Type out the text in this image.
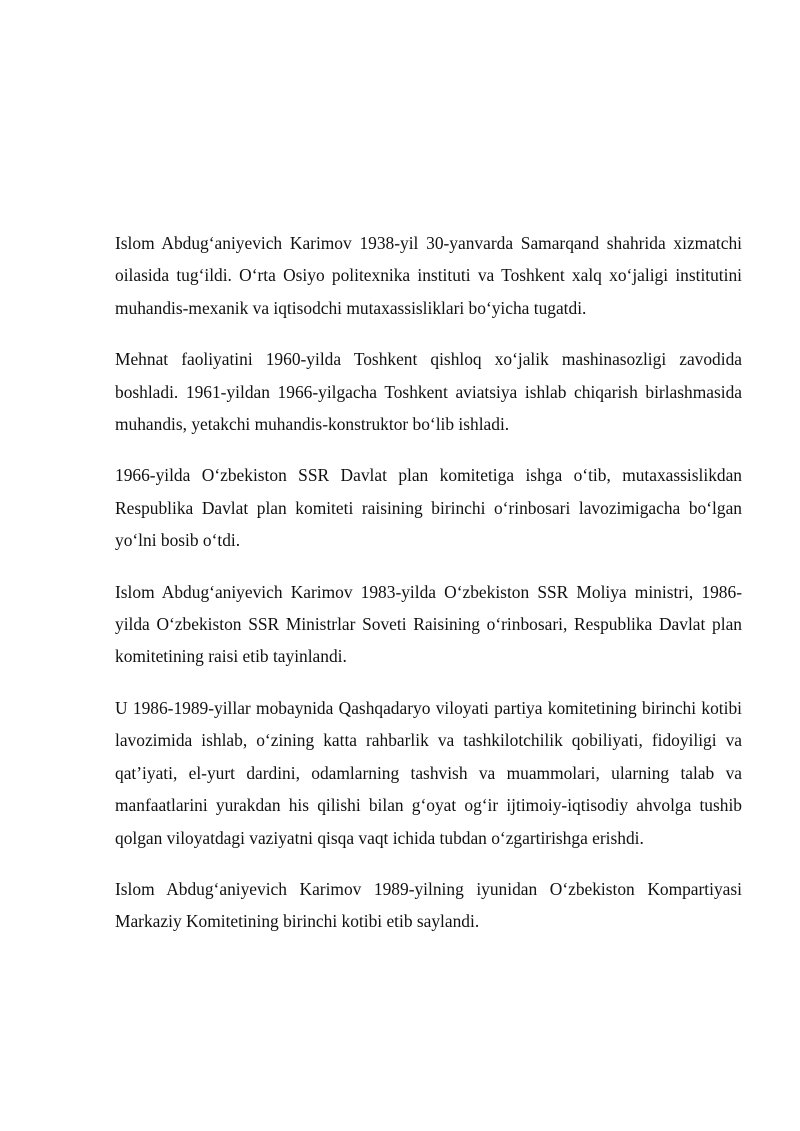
Islom Abdug‘aniyevich Karimov 1938-yil 30-yanvarda Samarqand shahrida xizmatchi oilasida tug‘ildi. O‘rta Osiyo politexnika instituti va Toshkent xalq xo‘jaligi institutini muhandis-mexanik va iqtisodchi mutaxassisliklari bo‘yicha tugatdi.

Mehnat faoliyatini 1960-yilda Toshkent qishloq xo‘jalik mashinasozligi zavodida boshladi. 1961-yildan 1966-yilgacha Toshkent aviatsiya ishlab chiqarish birlashmasida muhandis, yetakchi muhandis-konstruktor bo‘lib ishladi.

1966-yilda O‘zbekiston SSR Davlat plan komitetiga ishga o‘tib, mutaxassislikdan Respublika Davlat plan komiteti raisining birinchi o‘rinbosari lavozimigacha bo‘lgan yo‘lni bosib o‘tdi.

Islom Abdug‘aniyevich Karimov 1983-yilda O‘zbekiston SSR Moliya ministri, 1986-yilda O‘zbekiston SSR Ministrlar Soveti Raisining o‘rinbosari, Respublika Davlat plan komitetining raisi etib tayinlandi.

U 1986-1989-yillar mobaynida Qashqadaryo viloyati partiya komitetining birinchi kotibi lavozimida ishlab, o‘zining katta rahbarlik va tashkilotchilik qobiliyati, fidoyiligi va qat’iyati, el-yurt dardini, odamlarning tashvish va muammolari, ularning talab va manfaatlarini yurakdan his qilishi bilan g‘oyat og‘ir ijtimoiy-iqtisodiy ahvolga tushib qolgan viloyatdagi vaziyatni qisqa vaqt ichida tubdan o‘zgartirishga erishdi.

Islom Abdug‘aniyevich Karimov 1989-yilning iyunidan O‘zbekiston Kompartiyasi Markaziy Komitetining birinchi kotibi etib saylandi.
